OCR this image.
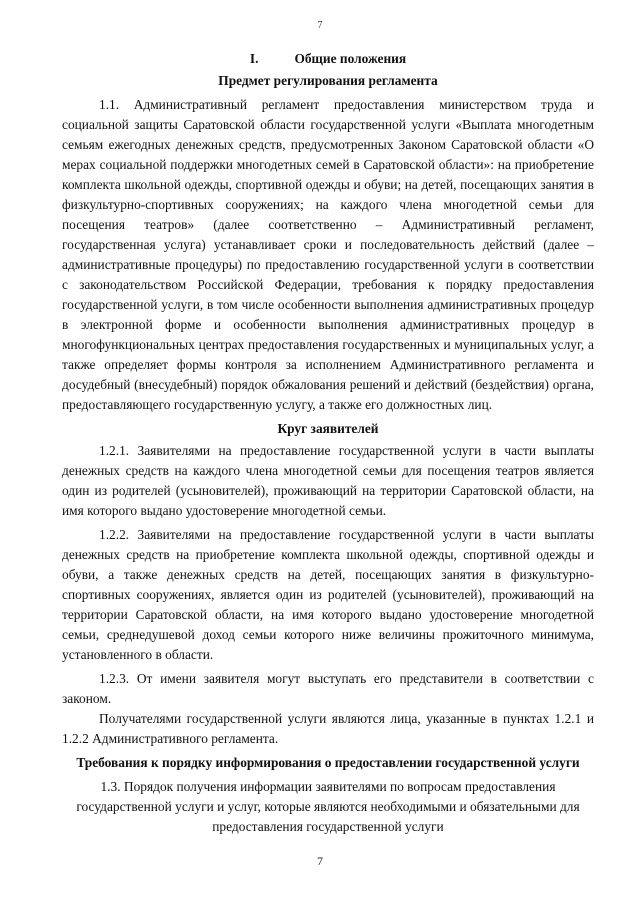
7
I.	Общие положения
Предмет регулирования регламента

1.1. Административный регламент предоставления министерством труда и социальной защиты Саратовской области государственной услуги «Выплата многодетным семьям ежегодных денежных средств, предусмотренных Законом Саратовской области «О мерах социальной поддержки многодетных семей в Саратовской области»: на приобретение комплекта школьной одежды, спортивной одежды и обуви; на детей, посещающих занятия в физкультурно-спортивных сооружениях; на каждого члена многодетной семьи для посещения театров» (далее соответственно – Административный регламент, государственная услуга) устанавливает сроки и последовательность действий (далее – административные процедуры) по предоставлению государственной услуги в соответствии с законодательством Российской Федерации, требования к порядку предоставления государственной услуги, в том числе особенности выполнения административных процедур в электронной форме и особенности выполнения административных процедур в многофункциональных центрах предоставления государственных и муниципальных услуг, а также определяет формы контроля за исполнением Административного регламента и досудебный (внесудебный) порядок обжалования решений и действий (бездействия) органа, предоставляющего государственную услугу, а также его должностных лиц.

Круг заявителей

1.2.1. Заявителями на предоставление государственной услуги в части выплаты денежных средств на каждого члена многодетной семьи для посещения театров является один из родителей (усыновителей), проживающий на территории Саратовской области, на имя которого выдано удостоверение многодетной семьи.

1.2.2. Заявителями на предоставление государственной услуги в части выплаты денежных средств на приобретение комплекта школьной одежды, спортивной одежды и обуви, а также денежных средств на детей, посещающих занятия в физкультурно-спортивных сооружениях, является один из родителей (усыновителей), проживающий на территории Саратовской области, на имя которого выдано удостоверение многодетной семьи, среднедушевой доход семьи которого ниже величины прожиточного минимума, установленного в области.

1.2.3. От имени заявителя могут выступать его представители в соответствии с законом.

Получателями государственной услуги являются лица, указанные в пунктах 1.2.1 и 1.2.2 Административного регламента.

Требования к порядку информирования о предоставлении государственной услуги

1.3. Порядок получения информации заявителями по вопросам предоставления государственной услуги и услуг, которые являются необходимыми и обязательными для предоставления государственной услуги

7
